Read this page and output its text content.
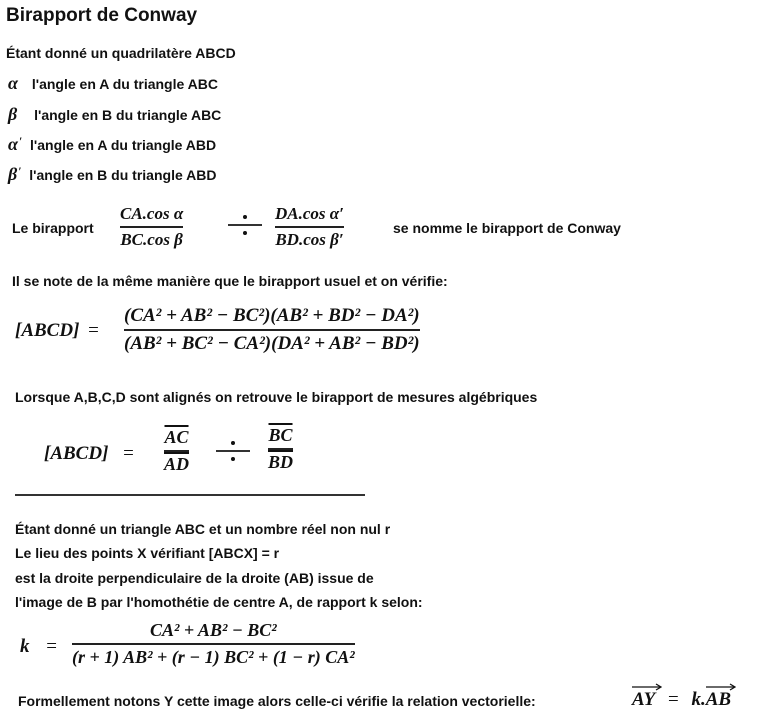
Birapport de Conway
Étant donné un quadrilatère ABCD
α l'angle en A du triangle ABC
β l'angle en B du triangle ABC
α′ l'angle en A du triangle ABD
β′ l'angle en B du triangle ABD
Le birapport $\frac{\text{CA.cos α}}{\text{BC.cos β}}$	$\frac{\text{DA.cos α′}}{\text{BD.cos β′}}$	se nomme le birapport de Conway
Il se note de la même manière que le birapport usuel et on vérifie:
[ABCD] = $\frac{\text{(CA² + AB² − BC²)(AB² + BD² − DA²)}}{\text{(AB² + BC² − CA²)(DA² + AB² − BD²)}}$
Lorsque A,B,C,D sont alignés on retrouve le birapport de mesures algébriques
[ABCD] = $\frac{\overline{AC}}{AD}$	$\frac{\overline{BC}}{BD}$
Étant donné un triangle ABC et un nombre réel non nul r
Le lieu des points X vérifiant [ABCX] = r
est la droite perpendiculaire de la droite (AB) issue de
l'image de B par l'homothétie de centre A, de rapport k selon:
$k = \frac{\text{CA² + AB² − BC²}}{\text{(r + 1) AB² + (r − 1) BC² + (1 − r) CA²}}$
Formellement notons Y cette image alors celle-ci vérifie la relation vectorielle:	AY = k.
AB
